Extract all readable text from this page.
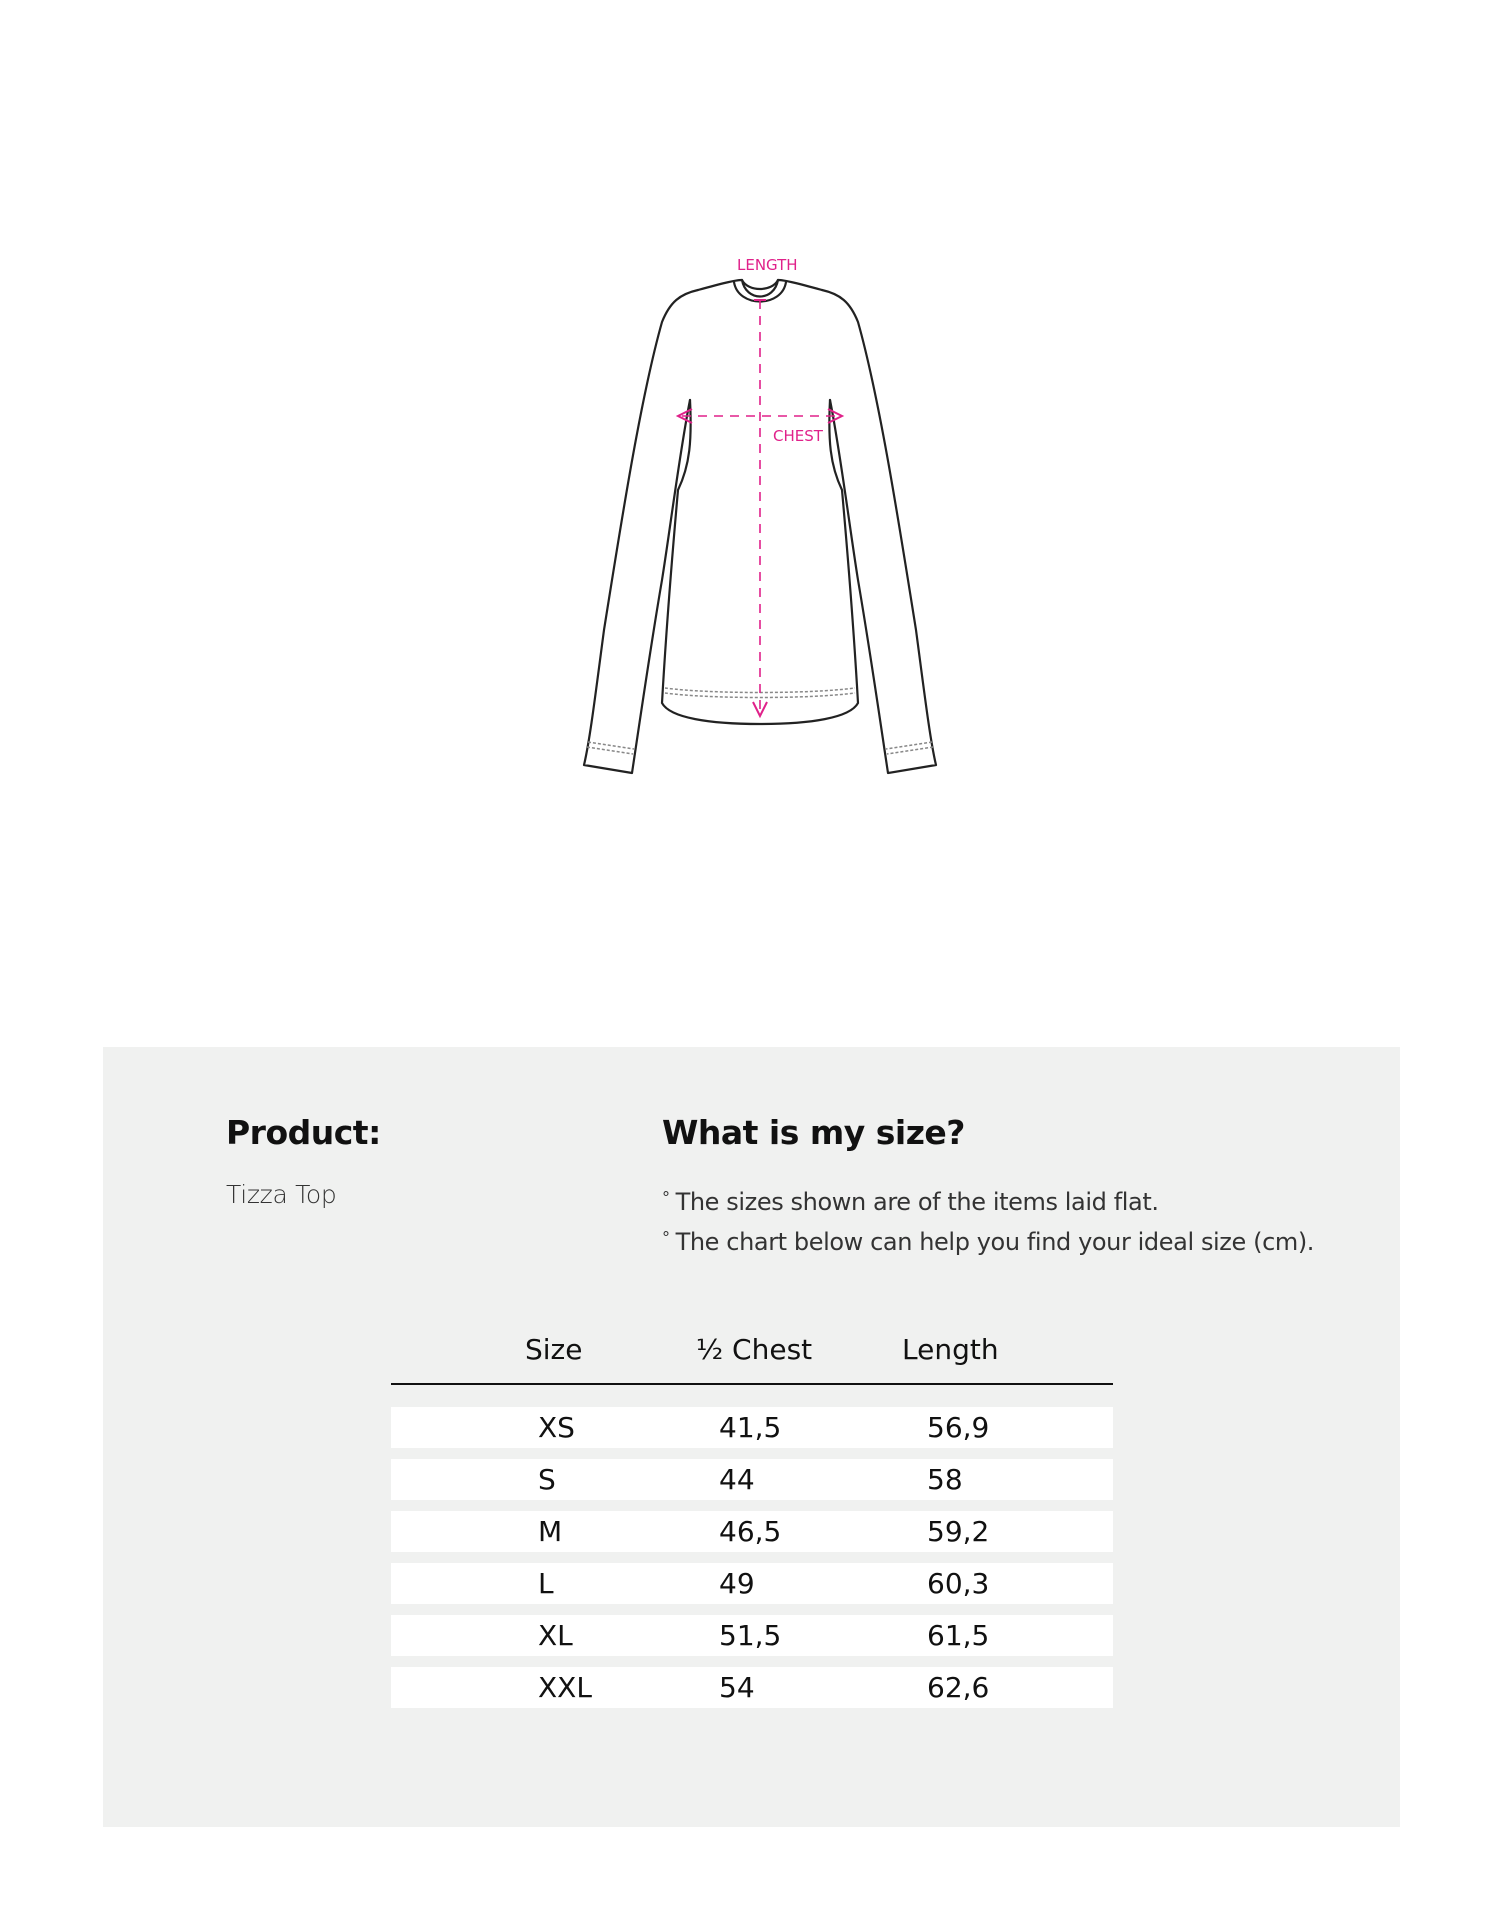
LENGTH
CHEST
Product:
Tizza Top
What is my size?
° The sizes shown are of the items laid flat.
° The chart below can help you find your ideal size (cm).
Size	½ Chest	Length
XS	41,5	56,9
S	44	58
M	46,5	59,2
L	49	60,3
XL	51,5	61,5
XXL	54	62,6
